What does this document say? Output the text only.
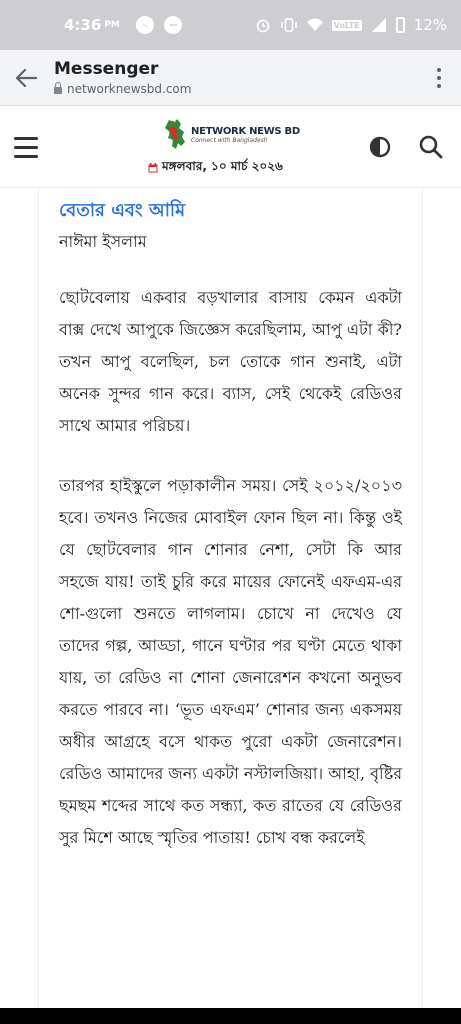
4:36 PM	VoLTE	12%
Messenger
networknewsbd.com
NETWORK NEWS BD
Connect with Bangladesh
মঙ্গলবার, ১০ মার্চ ২০২৬
বেতার এবং আমি
নাঈমা ইসলাম

ছোটবেলায় একবার বড়খালার বাসায় কেমন একটা বাক্স দেখে আপুকে জিজ্ঞেস করেছিলাম, আপু এটা কী? তখন আপু বলেছিল, চল তোকে গান শুনাই, এটা অনেক সুন্দর গান করে। ব্যাস, সেই থেকেই রেডিওর সাথে আমার পরিচয়।

তারপর হাইস্কুলে পড়াকালীন সময়। সেই ২০১২/২০১৩ হবে। তখনও নিজের মোবাইল ফোন ছিল না। কিন্তু ওই যে ছোটবেলার গান শোনার নেশা, সেটা কি আর সহজে যায়! তাই চুরি করে মায়ের ফোনেই এফএম-এর শো-গুলো শুনতে লাগলাম। চোখে না দেখেও যে তাদের গল্প, আড্ডা, গানে ঘণ্টার পর ঘণ্টা মেতে থাকা যায়, তা রেডিও না শোনা জেনারেশন কখনো অনুভব করতে পারবে না। ‘ভূত এফএম’ শোনার জন্য একসময় অধীর আগ্রহে বসে থাকত পুরো একটা জেনারেশন। রেডিও আমাদের জন্য একটা নস্টালজিয়া। আহা, বৃষ্টির ছমছম শব্দের সাথে কত সন্ধ্যা, কত রাতের যে রেডিওর সুর মিশে আছে স্মৃতির পাতায়! চোখ বন্ধ করলেই
